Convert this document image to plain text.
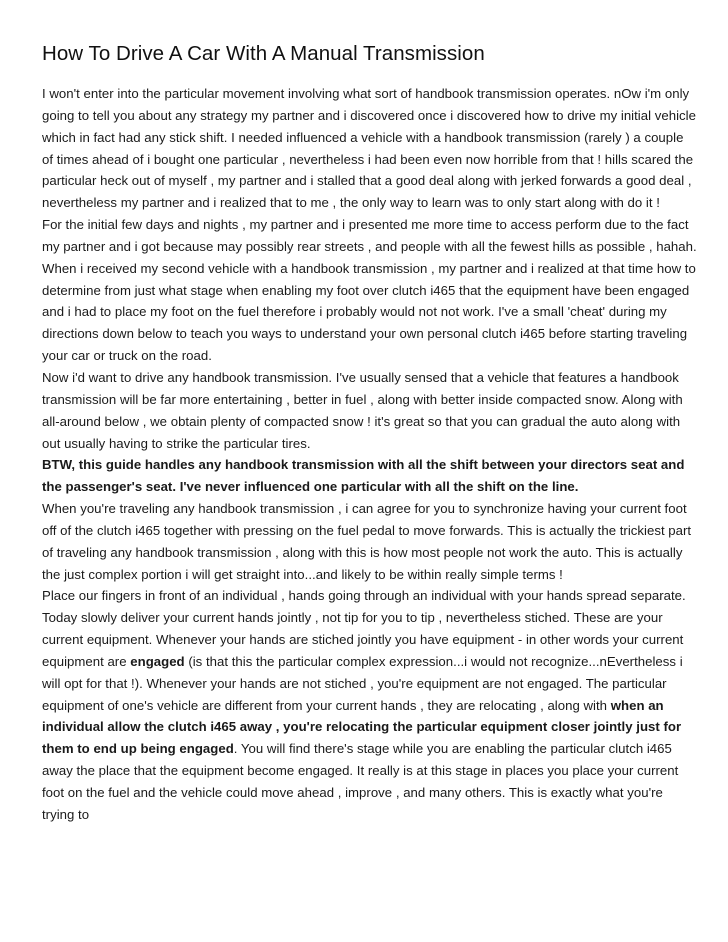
How To Drive A Car With A Manual Transmission

I won't enter into the particular movement involving what sort of handbook transmission operates. nOw i'm only going to tell you about any strategy my partner and i discovered once i discovered how to drive my initial vehicle which in fact had any stick shift. I needed influenced a vehicle with a handbook transmission (rarely ) a couple of times ahead of i bought one particular , nevertheless i had been even now horrible from that ! hills scared the particular heck out of myself , my partner and i stalled that a good deal along with jerked forwards a good deal , nevertheless my partner and i realized that to me , the only way to learn was to only start along with do it !

For the initial few days and nights , my partner and i presented me more time to access perform due to the fact my partner and i got because may possibly rear streets , and people with all the fewest hills as possible , hahah.

When i received my second vehicle with a handbook transmission , my partner and i realized at that time how to determine from just what stage when enabling my foot over clutch i465 that the equipment have been engaged and i had to place my foot on the fuel therefore i probably would not not work. I've a small 'cheat' during my directions down below to teach you ways to understand your own personal clutch i465 before starting traveling your car or truck on the road.

Now i'd want to drive any handbook transmission. I've usually sensed that a vehicle that features a handbook transmission will be far more entertaining , better in fuel , along with better inside compacted snow. Along with all-around below , we obtain plenty of compacted snow ! it's great so that you can gradual the auto along with out usually having to strike the particular tires.

BTW, this guide handles any handbook transmission with all the shift between your directors seat and the passenger's seat. I've never influenced one particular with all the shift on the line.

When you're traveling any handbook transmission , i can agree for you to synchronize having your current foot off of the clutch i465 together with pressing on the fuel pedal to move forwards. This is actually the trickiest part of traveling any handbook transmission , along with this is how most people not work the auto. This is actually the just complex portion i will get straight into...and likely to be within really simple terms !

Place our fingers in front of an individual , hands going through an individual with your hands spread separate. Today slowly deliver your current hands jointly , not tip for you to tip , nevertheless stiched. These are your current equipment. Whenever your hands are stiched jointly you have equipment - in other words your current equipment are engaged (is that this the particular complex expression...i would not recognize...nEvertheless i will opt for that !). Whenever your hands are not stiched , you're equipment are not engaged. The particular equipment of one's vehicle are different from your current hands , they are relocating , along with when an individual allow the clutch i465 away , you're relocating the particular equipment closer jointly just for them to end up being engaged. You will find there's stage while you are enabling the particular clutch i465 away the place that the equipment become engaged. It really is at this stage in places you place your current foot on the fuel and the vehicle could move ahead , improve , and many others. This is exactly what you're trying to
